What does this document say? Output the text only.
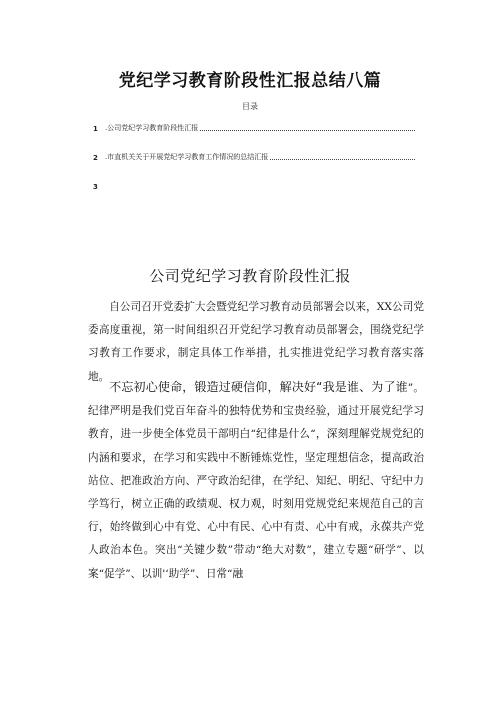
党纪学习教育阶段性汇报总结八篇
目录
1	.公司党纪学习教育阶段性汇报
2	.市直机关关于开展党纪学习教育工作情况的总结汇报
3
公司党纪学习教育阶段性汇报
自公司召开党委扩大会暨党纪学习教育动员部署会以来，XX公司党委高度重视，第一时间组织召开党纪学习教育动员部署会，围绕党纪学习教育工作要求，制定具体工作举措，扎实推进党纪学习教育落实落地。
不忘初心使命，锻造过硬信仰，解决好“我是谁、为了谁”。纪律严明是我们党百年奋斗的独特优势和宝贵经验，通过开展党纪学习教育，进一步使全体党员干部明白“纪律是什么“，深刻理解党规党纪的内涵和要求，在学习和实践中不断锤炼党性，坚定理想信念，提高政治站位、把准政治方向、严守政治纪律，在学纪、知纪、明纪、守纪中力学笃行，树立正确的政绩观、权力观，时刻用党规党纪来规范自己的言行，始终做到心中有党、心中有民、心中有责、心中有戒，永葆共产党人政治本色。突出“关键少数”带动“绝大对数”，建立专题“研学”、以案“促学”、以训'‘助学”、日常“融
